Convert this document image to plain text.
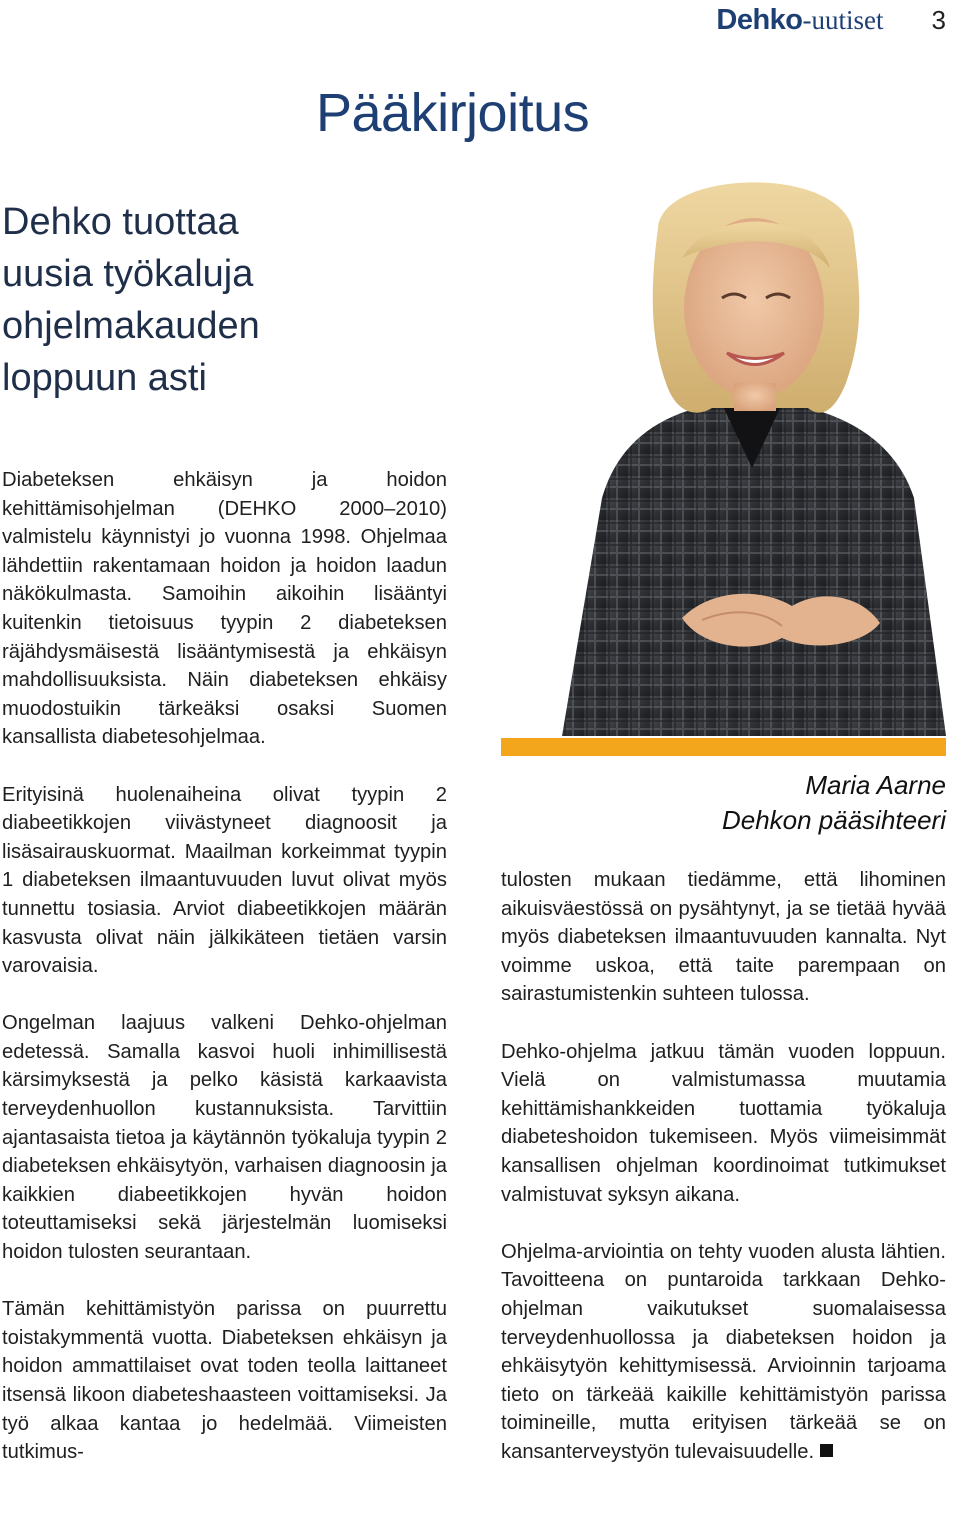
Dehko -uutiset 3
Pääkirjoitus
Dehko tuottaa uusia työkaluja ohjelmakauden loppuun asti

Diabeteksen ehkäisyn ja hoidon kehittämisohjelman (DEHKO 2000–2010) valmistelu käynnistyi jo vuonna 1998. Ohjelmaa lähdettiin rakentamaan hoidon ja hoidon laadun näkökulmasta. Samoihin aikoihin lisääntyi kuitenkin tietoisuus tyypin 2 diabeteksen räjähdysmäisestä lisääntymisestä ja ehkäisyn mahdollisuuksista. Näin diabeteksen ehkäisy muodostuikin tärkeäksi osaksi Suomen kansallista diabetesohjelmaa.

Erityisinä huolenaiheina olivat tyypin 2 diabeetikkojen viivästyneet diagnoosit ja lisäsairauskuormat. Maailman korkeimmat tyypin 1 diabeteksen ilmaantuvuuden luvut olivat myös tunnettu tosiasia. Arviot diabeetikkojen määrän kasvusta olivat näin jälkikäteen tietäen varsin varovaisia.

Ongelman laajuus valkeni Dehko-ohjelman edetessä. Samalla kasvoi huoli inhimillisestä kärsimyksestä ja pelko käsistä karkaavista terveydenhuollon kustannuksista. Tarvittiin ajantasaista tietoa ja käytännön työkaluja tyypin 2 diabeteksen ehkäisytyön, varhaisen diagnoosin ja kaikkien diabeetikkojen hyvän hoidon toteuttamiseksi sekä järjestelmän luomiseksi hoidon tulosten seurantaan.

Tämän kehittämistyön parissa on puurrettu toistakymmentä vuotta. Diabeteksen ehkäisyn ja hoidon ammattilaiset ovat toden teolla laittaneet itsensä likoon diabeteshaasteen voittamiseksi. Ja työ alkaa kantaa jo hedelmää. Viimeisten tutkimus-

Maria Aarne
Dehkon pääsihteeri

tulosten mukaan tiedämme, että lihominen aikuisväestössä on pysähtynyt, ja se tietää hyvää myös diabeteksen ilmaantuvuuden kannalta. Nyt voimme uskoa, että taite parempaan on sairastumistenkin suhteen tulossa.

Dehko-ohjelma jatkuu tämän vuoden loppuun. Vielä on valmistumassa muutamia kehittämishankkeiden tuottamia työkaluja diabeteshoidon tukemiseen. Myös viimeisimmät kansallisen ohjelman koordinoimat tutkimukset valmistuvat syksyn aikana.

Ohjelma-arviointia on tehty vuoden alusta lähtien. Tavoitteena on puntaroida tarkkaan Dehko-ohjelman vaikutukset suomalaisessa terveydenhuollossa ja diabeteksen hoidon ja ehkäisytyön kehittymisessä. Arvioinnin tarjoama tieto on tärkeää kaikille kehittämistyön parissa toimineille, mutta erityisen tärkeää se on kansanterveystyön tulevaisuudelle.
